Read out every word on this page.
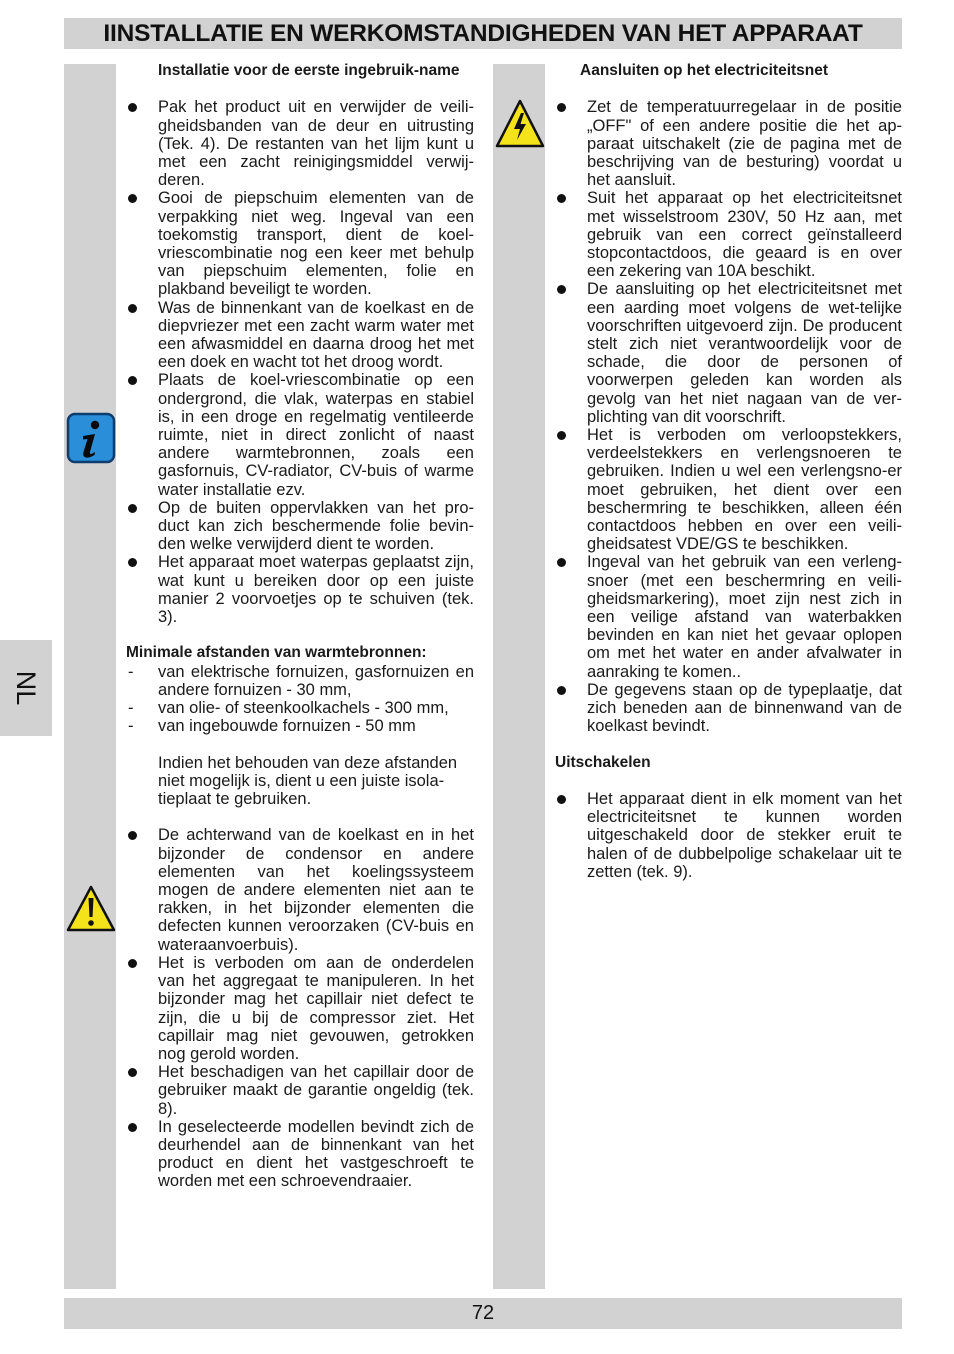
IINSTALLATIE EN WERKOMSTANDIGHEDEN VAN HET APPARAAT
NL

Installatie voor de eerste ingebruik-name

Pak het product uit en verwijder de veili-gheidsbanden van de deur en uitrusting (Tek. 4). De restanten van het lijm kunt u met een zacht reinigingsmiddel verwij-deren.
Gooi de piepschuim elementen van de verpakking niet weg. Ingeval van een toekomstig transport, dient de koel-vriescombinatie nog een keer met behulp van piepschuim elementen, folie en plakband beveiligt te worden.
Was de binnenkant van de koelkast en de diepvriezer met een zacht warm water met een afwasmiddel en daarna droog het met een doek en wacht tot het droog wordt.
Plaats de koel-vriescombinatie op een ondergrond, die vlak, waterpas en stabiel is, in een droge en regelmatig ventileerde ruimte, niet in direct zonlicht of naast andere warmtebronnen, zoals een gasfornuis, CV-radiator, CV-buis of warme water installatie ezv.
Op de buiten oppervlakken van het pro-duct kan zich beschermende folie bevin-den welke verwijderd dient te worden.
Het apparaat moet waterpas geplaatst zijn, wat kunt u bereiken door op een juiste manier 2 voorvoetjes op te schuiven (tek. 3).

Minimale afstanden van warmtebronnen:

- van elektrische fornuizen, gasfornuizen en andere fornuizen - 30 mm,
- van olie- of steenkoolkachels - 300 mm,
- van ingebouwde fornuizen - 50 mm

Indien het behouden van deze afstanden niet mogelijk is, dient u een juiste isola-tieplaat te gebruiken.

De achterwand van de koelkast en in het bijzonder de condensor en andere elementen van het koelingssysteem mogen de andere elementen niet aan te rakken, in het bijzonder elementen die defecten kunnen veroorzaken (CV-buis en wateraanvoerbuis).
Het is verboden om aan de onderdelen van het aggregaat te manipuleren. In het bijzonder mag het capillair niet defect te zijn, die u bij de compressor ziet. Het capillair mag niet gevouwen, getrokken nog gerold worden.
Het beschadigen van het capillair door de gebruiker maakt de garantie ongeldig (tek. 8).
In geselecteerde modellen bevindt zich de deurhendel aan de binnenkant van het product en dient het vastgeschroeft te worden met een schroevendraaier.

Aansluiten op het electriciteitsnet

Zet de temperatuurregelaar in de positie „OFF" of een andere positie die het ap-paraat uitschakelt (zie de pagina met de beschrijving van de besturing) voordat u het aansluit.
Suit het apparaat op het electriciteitsnet met wisselstroom 230V, 50 Hz aan, met gebruik van een correct geïnstalleerd stopcontactdoos, die geaard is en over een zekering van 10A beschikt.
De aansluiting op het electriciteitsnet met een aarding moet volgens de wet-telijke voorschriften uitgevoerd zijn. De producent stelt zich niet verantwoordelijk voor de schade, die door de personen of voorwerpen geleden kan worden als gevolg van het niet nagaan van de ver-plichting van dit voorschrift.
Het is verboden om verloopstekkers, verdeelstekkers en verlengsnoeren te gebruiken. Indien u wel een verlengsno-er moet gebruiken, het dient over een beschermring te beschikken, alleen één contactdoos hebben en over een veili-gheidsatest VDE/GS te beschikken.
Ingeval van het gebruik van een verleng-snoer (met een beschermring en veili-gheidsmarkering), moet zijn nest zich in een veilige afstand van waterbakken bevinden en kan niet het gevaar oplopen om met het water en ander afvalwater in aanraking te komen..
De gegevens staan op de typeplaatje, dat zich beneden aan de binnenwand van de koelkast bevindt.

Uitschakelen

Het apparaat dient in elk moment van het electriciteitsnet te kunnen worden uitgeschakeld door de stekker eruit te halen of de dubbelpolige schakelaar uit te zetten (tek. 9).
72
